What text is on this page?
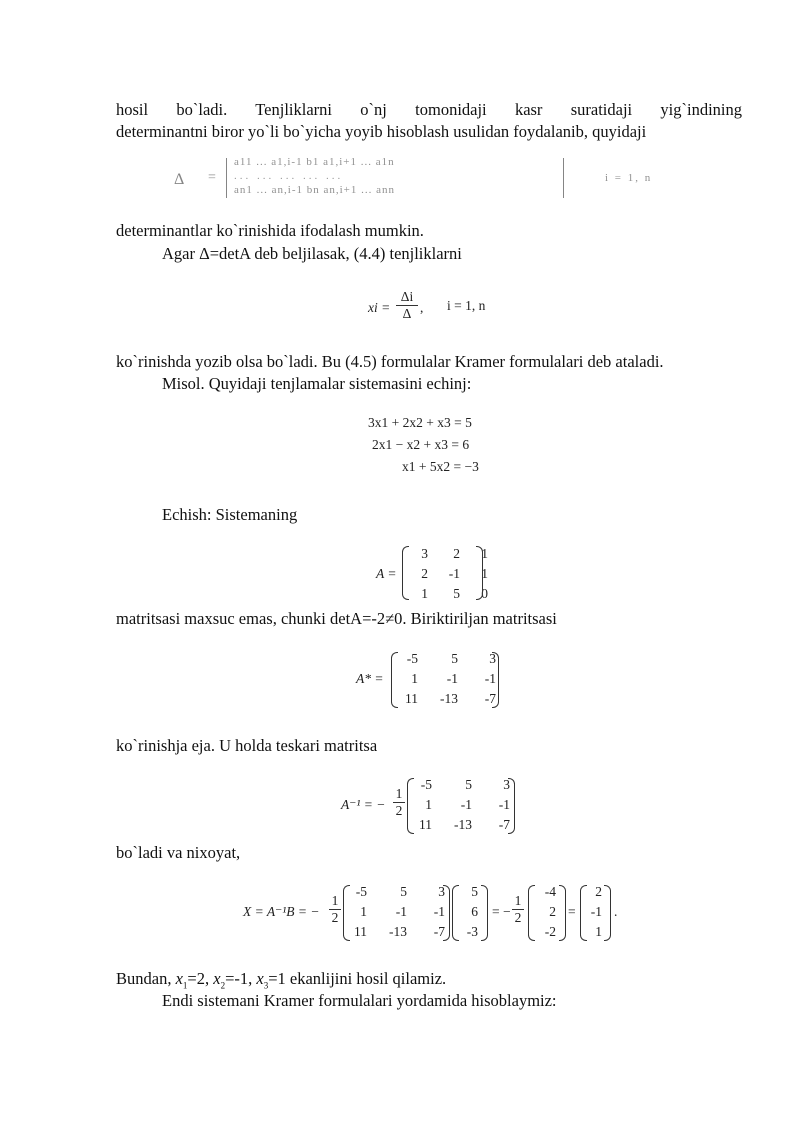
hosil bo`ladi. Tenjliklarni o`nj tomonidaji kasr suratidaji yig`indining
determinantni biror yo`li bo`yicha yoyib hisoblash usulidan foydalanib, quyidaji
Δ =
a11 ... a1,i-1 b1 a1,i+1 ... a1n
... ... ... ... ...
an1 ... an,i-1 bn an,i+1 ... ann
i = 1, n
determinantlar ko`rinishida ifodalash mumkin.
Agar Δ=detA deb beljilasak, (4.4) tenjliklarni
xi = $\frac{\Delta i}{\Delta}$ , i = 1, n
ko`rinishda yozib olsa bo`ladi. Bu (4.5) formulalar Kramer formulalari deb ataladi.
Misol. Quyidaji tenjlamalar sistemasini echinj:
3x1 + 2x2 + x3 = 5
2x1 − x2 + x3 = 6
x1 + 5x2 = −3
Echish: Sistemaning
A =
3	2	1
2	-1	1
1	5	0
matritsasi maxsuc emas, chunki detA=-2≠0. Biriktiriljan matritsasi
A* =
-5	5	3
1	-1	-1
11	-13	-7
ko`rinishja eja. U holda teskari matritsa
A⁻¹ = − $\frac{1}{2}$
-5	5	3
1	-1	-1
11	-13	-7
bo`ladi va nixoyat,
X = A⁻¹B = − $\frac{1}{2}$
-5	5	3
1	-1	-1
11	-13	-7
5
6
-3
= − $\frac{1}{2}$
-4
2
-2
=
2
-1
1
.
Bundan, $x_1=2$, $x_2=-1$, $x_3=1$ ekanlijini hosil qilamiz.
Endi sistemani Kramer formulalari yordamida hisoblaymiz:
